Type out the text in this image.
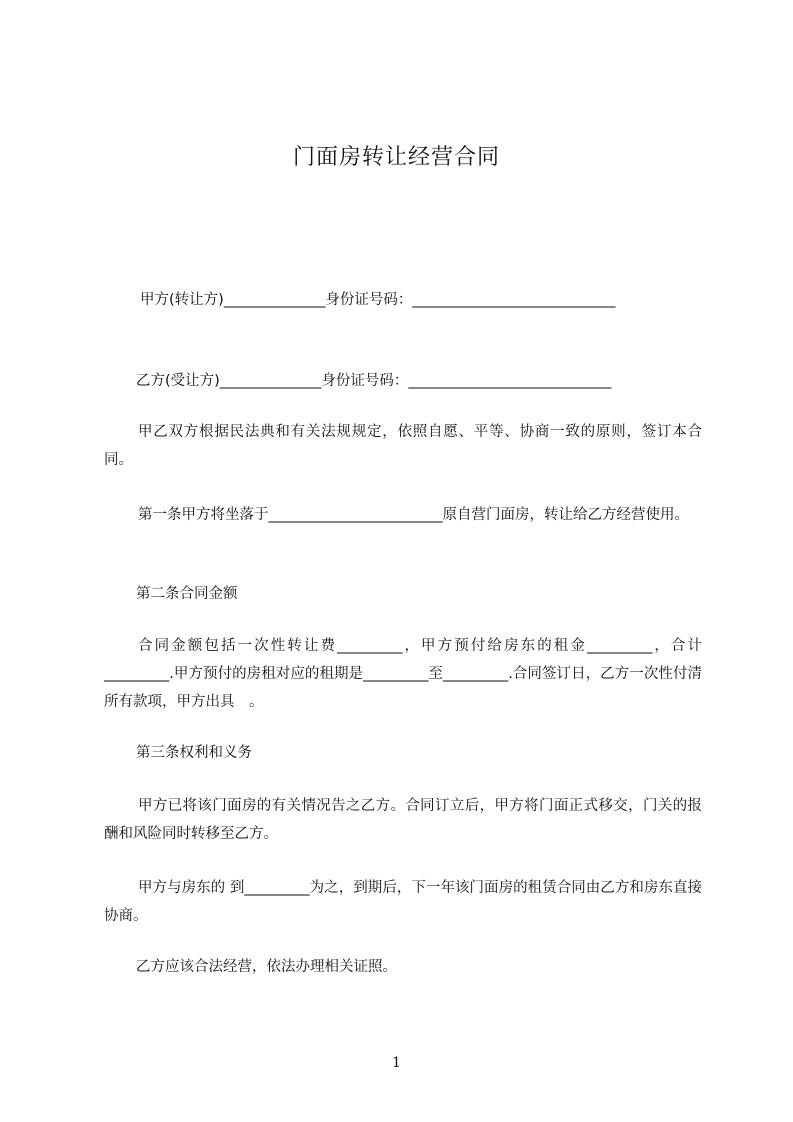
门面房转让经营合同
甲方(转让方)______________身份证号码：____________________________
乙方(受让方)______________身份证号码：____________________________

甲乙双方根据民法典和有关法规规定，依照自愿、平等、协商一致的原则，签订本合同。

第一条甲方将坐落于________________________原自营门面房，转让给乙方经营使用。

第二条合同金额

合同金额包括一次性转让费_________，甲方预付给房东的租金_________，合计_________.甲方预付的房租对应的租期是_________至_________.合同签订日，乙方一次性付清所有款项，甲方出具　。

第三条权利和义务

甲方已将该门面房的有关情况告之乙方。合同订立后，甲方将门面正式移交，门关的报酬和风险同时转移至乙方。

甲方与房东的 到_________为之，到期后，下一年该门面房的租赁合同由乙方和房东直接协商。

乙方应该合法经营，依法办理相关证照。
1
